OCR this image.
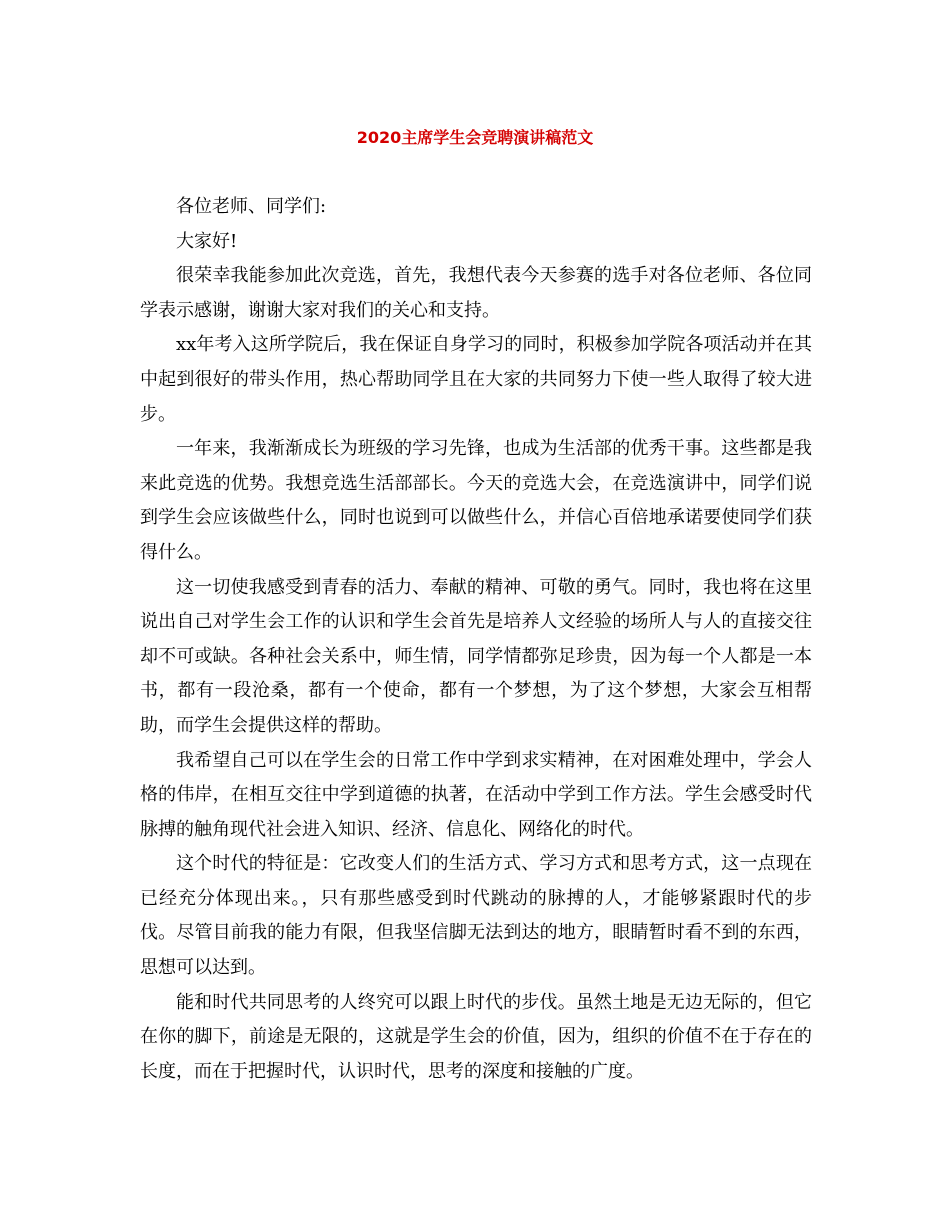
2020主席学生会竞聘演讲稿范文

各位老师、同学们:

大家好!

很荣幸我能参加此次竞选，首先，我想代表今天参赛的选手对各位老师、各位同学表示感谢，谢谢大家对我们的关心和支持。

xx年考入这所学院后，我在保证自身学习的同时，积极参加学院各项活动并在其中起到很好的带头作用，热心帮助同学且在大家的共同努力下使一些人取得了较大进步。

一年来，我渐渐成长为班级的学习先锋，也成为生活部的优秀干事。这些都是我来此竞选的优势。我想竞选生活部部长。今天的竞选大会，在竞选演讲中，同学们说到学生会应该做些什么，同时也说到可以做些什么，并信心百倍地承诺要使同学们获得什么。

这一切使我感受到青春的活力、奉献的精神、可敬的勇气。同时，我也将在这里说出自己对学生会工作的认识和学生会首先是培养人文经验的场所人与人的直接交往却不可或缺。各种社会关系中，师生情，同学情都弥足珍贵，因为每一个人都是一本书，都有一段沧桑，都有一个使命，都有一个梦想，为了这个梦想，大家会互相帮助，而学生会提供这样的帮助。

我希望自己可以在学生会的日常工作中学到求实精神，在对困难处理中，学会人格的伟岸，在相互交往中学到道德的执著，在活动中学到工作方法。学生会感受时代脉搏的触角现代社会进入知识、经济、信息化、网络化的时代。

这个时代的特征是：它改变人们的生活方式、学习方式和思考方式，这一点现在已经充分体现出来。，只有那些感受到时代跳动的脉搏的人，才能够紧跟时代的步伐。尽管目前我的能力有限，但我坚信脚无法到达的地方，眼睛暂时看不到的东西，思想可以达到。

能和时代共同思考的人终究可以跟上时代的步伐。虽然土地是无边无际的，但它在你的脚下，前途是无限的，这就是学生会的价值，因为，组织的价值不在于存在的长度，而在于把握时代，认识时代，思考的深度和接触的广度。
